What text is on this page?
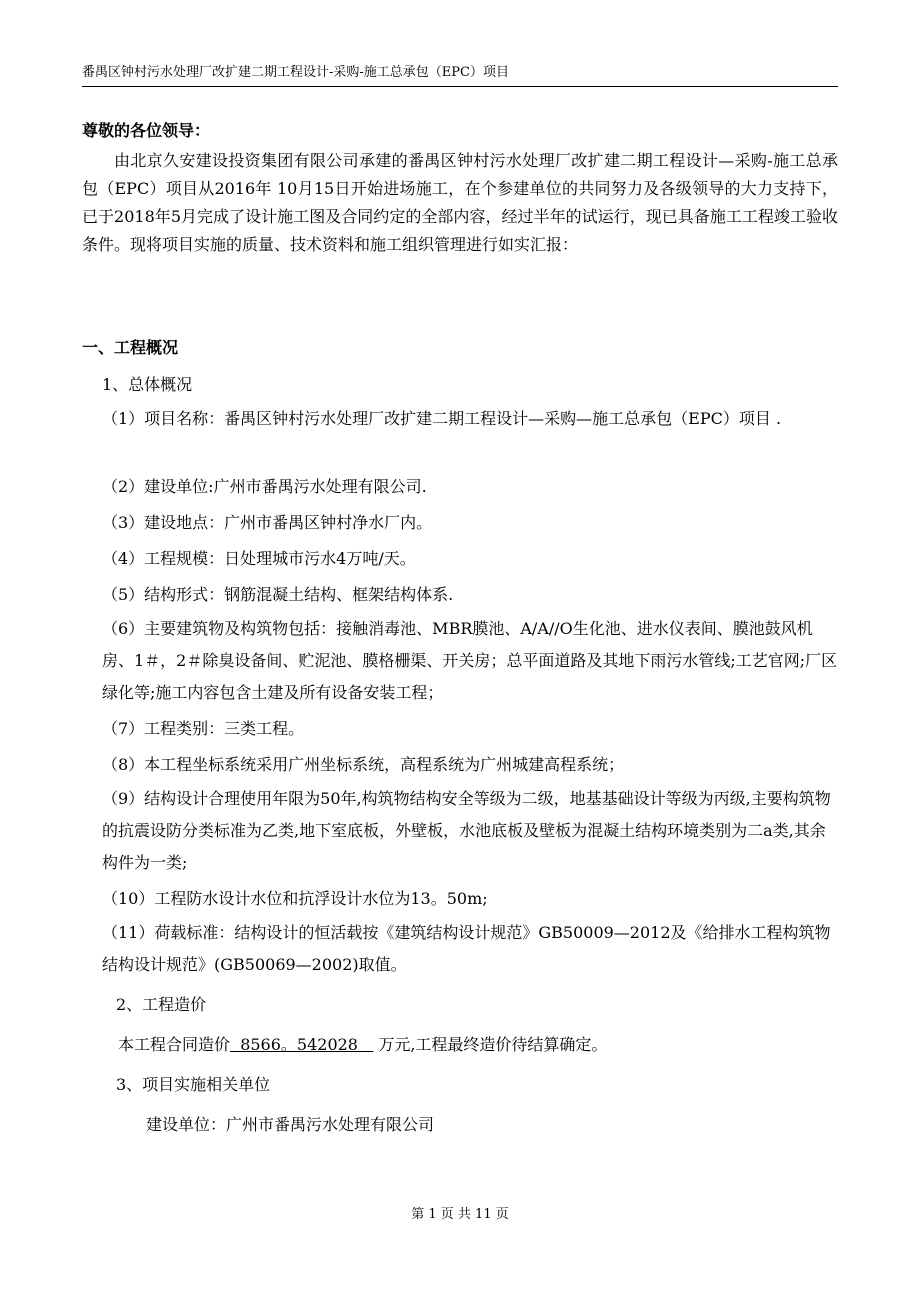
番禺区钟村污水处理厂改扩建二期工程设计-采购-施工总承包（EPC）项目

尊敬的各位领导：

由北京久安建设投资集团有限公司承建的番禺区钟村污水处理厂改扩建二期工程设计—采购-施工总承包（EPC）项目从2016年 10月15日开始进场施工，在个参建单位的共同努力及各级领导的大力支持下，已于2018年5月完成了设计施工图及合同约定的全部内容，经过半年的试运行，现已具备施工工程竣工验收条件。现将项目实施的质量、技术资料和施工组织管理进行如实汇报：

一、工程概况

1、总体概况

（1）项目名称：番禺区钟村污水处理厂改扩建二期工程设计—采购—施工总承包（EPC）项目 .

（2）建设单位:广州市番禺污水处理有限公司.

（3）建设地点：广州市番禺区钟村净水厂内。

（4）工程规模：日处理城市污水4万吨/天。

（5）结构形式：钢筋混凝土结构、框架结构体系.

（6）主要建筑物及构筑物包括：接触消毒池、MBR膜池、A/A//O生化池、进水仪表间、膜池鼓风机房、1＃，2＃除臭设备间、贮泥池、膜格栅渠、开关房；总平面道路及其地下雨污水管线;工艺官网;厂区绿化等;施工内容包含土建及所有设备安装工程；

（7）工程类别：三类工程。

（8）本工程坐标系统采用广州坐标系统，高程系统为广州城建高程系统；

（9）结构设计合理使用年限为50年,构筑物结构安全等级为二级，地基基础设计等级为丙级,主要构筑物的抗震设防分类标准为乙类,地下室底板，外壁板，水池底板及壁板为混凝土结构环境类别为二a类,其余构件为一类;

（10）工程防水设计水位和抗浮设计水位为13。50m;

（11）荷载标准：结构设计的恒活载按《建筑结构设计规范》GB50009—2012及《给排水工程构筑物结构设计规范》(GB50069—2002)取值。

2、工程造价

本工程合同造价  8566。542028    万元,工程最终造价待结算确定。

3、项目实施相关单位

建设单位：广州市番禺污水处理有限公司

第 1 页 共 11 页
